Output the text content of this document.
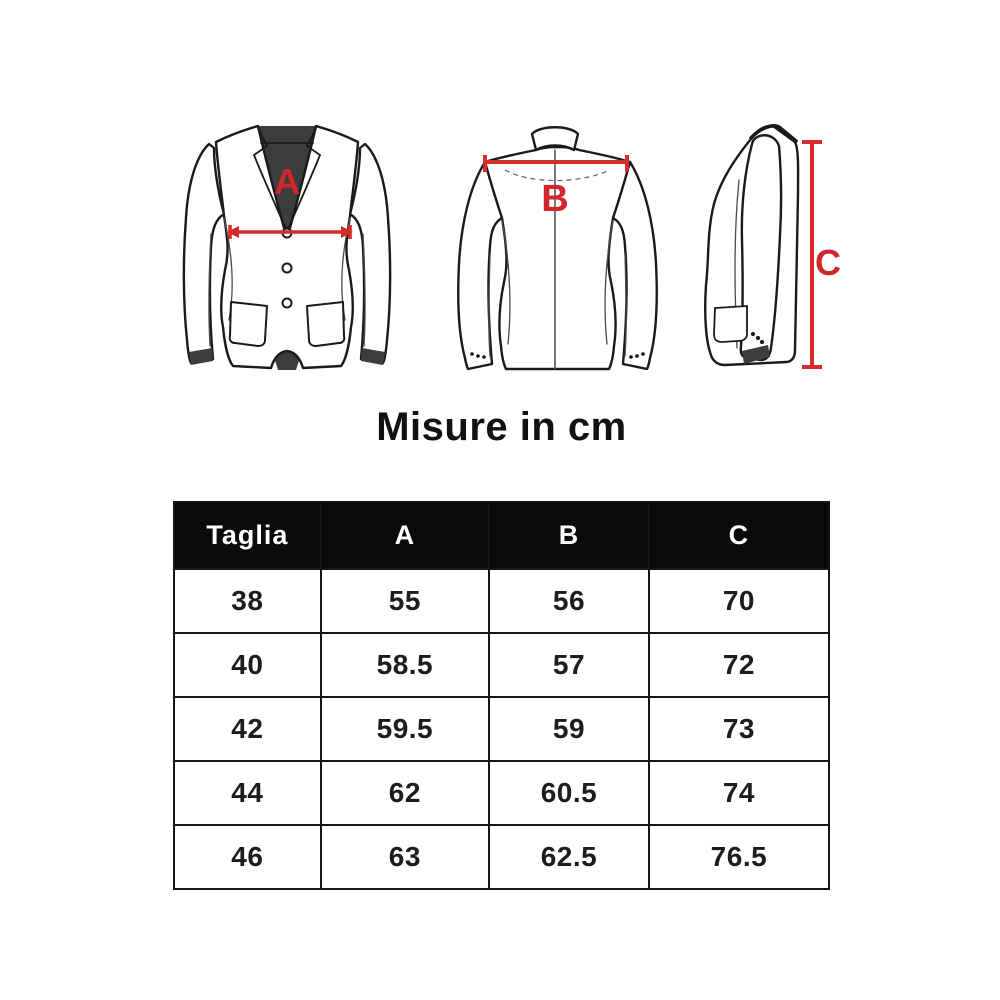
A	B
C
Misure in cm
Taglia	A	B	C
38	55	56	70
40	58.5	57	72
42	59.5	59	73
44	62	60.5	74
46	63	62.5	76.5
